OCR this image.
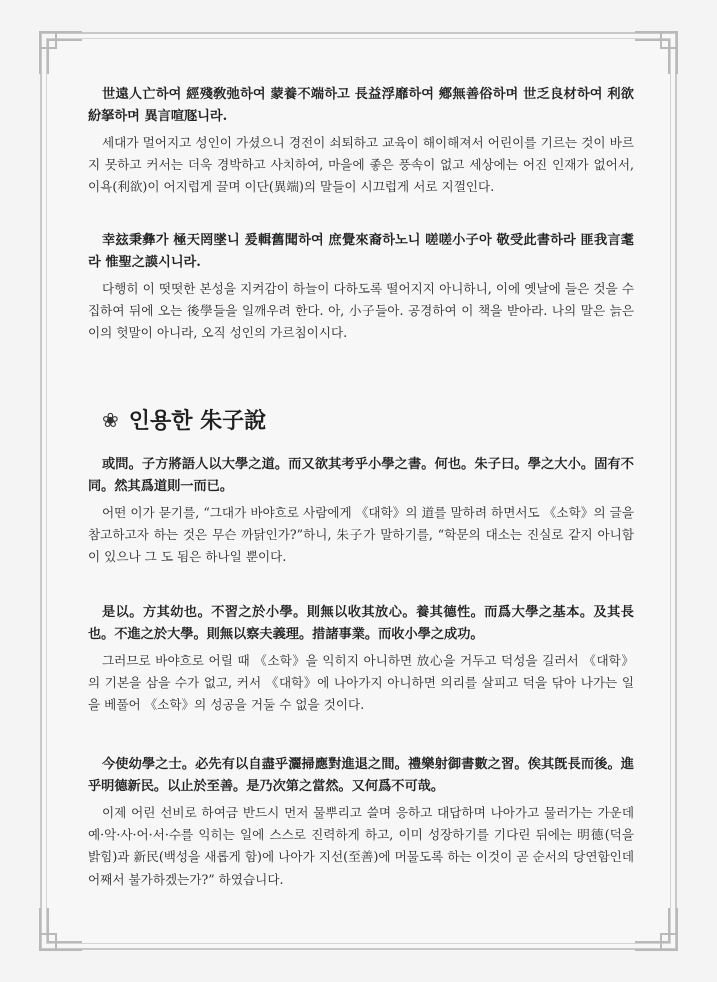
世遠人亡하여 經殘敎弛하여 蒙養不端하고 長益浮靡하여 鄕無善俗하며 世乏良材하여 利欲紛拏하며 異言喧豗니라.

세대가 멀어지고 성인이 가셨으니 경전이 쇠퇴하고 교육이 해이해져서 어린이를 기르는 것이 바르지 못하고 커서는 더욱 경박하고 사치하여, 마을에 좋은 풍속이 없고 세상에는 어진 인재가 없어서, 이욕(利欲)이 어지럽게 끌며 이단(異端)의 말들이 시끄럽게 서로 지껄인다.

幸玆秉彝가 極天罔墜니 爰輯舊聞하여 庶覺來裔하노니 嗟嗟小子아 敬受此書하라 匪我言耄라 惟聖之謨시니라.

다행히 이 떳떳한 본성을 지켜감이 하늘이 다하도록 떨어지지 아니하니, 이에 옛날에 들은 것을 수집하여 뒤에 오는 後學들을 일깨우려 한다. 아, 小子들아. 공경하여 이 책을 받아라. 나의 말은 늙은이의 헛말이 아니라, 오직 성인의 가르침이시다.

❀ 인용한 朱子說

或問。子方將語人以大學之道。而又欲其考乎小學之書。何也。朱子曰。學之大小。固有不同。然其爲道則一而已。

어떤 이가 묻기를, “그대가 바야흐로 사람에게 《대학》의 道를 말하려 하면서도 《소학》의 글을 참고하고자 하는 것은 무슨 까닭인가?”하니, 朱子가 말하기를, “학문의 대소는 진실로 같지 아니함이 있으나 그 도 됨은 하나일 뿐이다.

是以。方其幼也。不習之於小學。則無以收其放心。養其德性。而爲大學之基本。及其長也。不進之於大學。則無以察夫義理。措諸事業。而收小學之成功。

그러므로 바야흐로 어릴 때 《소학》을 익히지 아니하면 放心을 거두고 덕성을 길러서 《대학》의 기본을 삼을 수가 없고, 커서 《대학》에 나아가지 아니하면 의리를 살피고 덕을 닦아 나가는 일을 베풀어 《소학》의 성공을 거둘 수 없을 것이다.

今使幼學之士。必先有以自盡乎灑掃應對進退之間。禮樂射御書數之習。俟其旣長而後。進乎明德新民。以止於至善。是乃次第之當然。又何爲不可哉。

이제 어린 선비로 하여금 반드시 먼저 물뿌리고 쓸며 응하고 대답하며 나아가고 물러가는 가운데 예·악·사·어·서·수를 익히는 일에 스스로 진력하게 하고, 이미 성장하기를 기다린 뒤에는 明德(덕을 밝힘)과 新民(백성을 새롭게 함)에 나아가 지선(至善)에 머물도록 하는 이것이 곧 순서의 당연함인데 어째서 불가하겠는가?” 하였습니다.
